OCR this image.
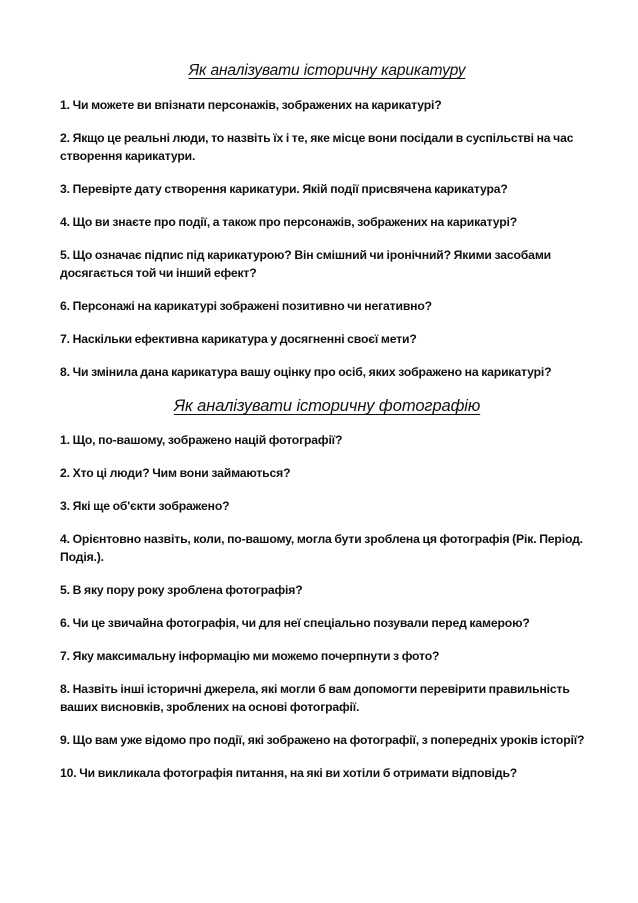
Як аналізувати історичну карикатуру

1. Чи можете ви впізнати персонажів, зображених на карикатурі?

2. Якщо це реальні люди, то назвіть їх і те, яке місце вони посідали в суспільстві на час створення карикатури.

3. Перевірте дату створення карикатури. Якій події присвячена карикатура?

4. Що ви знаєте про події, а також про персонажів, зображених на карикатурі?

5. Що означає підпис під карикатурою? Він смішний чи іронічний? Якими засобами досягається той чи інший ефект?

6. Персонажі на карикатурі зображені позитивно чи негативно?

7. Наскільки ефективна карикатура у досягненні своєї мети?

8. Чи змінила дана карикатура вашу оцінку про осіб, яких зображено на карикатурі?

Як аналізувати історичну фотографію

1. Що, по-вашому, зображено націй фотографії?

2. Хто ці люди? Чим вони займаються?

3. Які ще об'єкти зображено?

4. Орієнтовно назвіть, коли, по-вашому, могла бути зроблена ця фотографія (Рік. Період. Подія.).

5. В яку пору року зроблена фотографія?

6. Чи це звичайна фотографія, чи для неї спеціально позували перед камерою?

7. Яку максимальну інформацію ми можемо почерпнути з фото?

8. Назвіть інші історичні джерела, які могли б вам допомогти перевірити правильність ваших висновків, зроблених на основі фотографії.

9. Що вам уже відомо про події, які зображено на фотографії, з попередніх уроків історії?

10. Чи викликала фотографія питання, на які ви хотіли б отримати відповідь?
